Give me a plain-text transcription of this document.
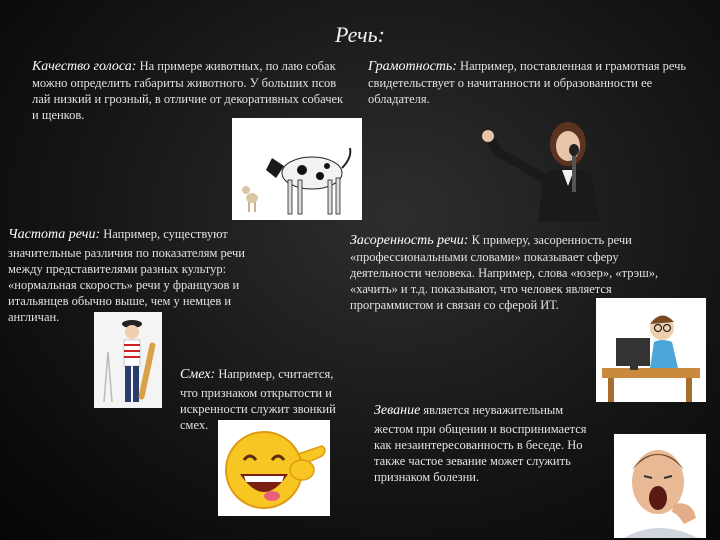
Речь:
Качество голоса: На примере животных, по лаю собак можно определить габариты животного. У больших псов лай низкий и грозный, в отличие от декоративных собачек и щенков.
Грамотность: Например, поставленная и грамотная речь свидетельствует о начитанности и образованности ее обладателя.
Частота речи: Например, существуют
значительные различия по показателям речи между представителями разных культур: «нормальная скорость» речи у французов и итальянцев обычно выше, чем у немцев и англичан.
Засоренность речи: К примеру, засоренность речи «профессиональными словами» показывает сферу деятельности человека. Например, слова «юзер», «трэш», «хачить» и т.д. показывают, что человек является программистом и связан со сферой ИТ.
Смех: Например, считается,
что признаком открытости и искренности служит звонкий смех.
Зевание является неуважительным
жестом при общении и воспринимается как незаинтересованность в беседе. Но также частое зевание может служить признаком болезни.
